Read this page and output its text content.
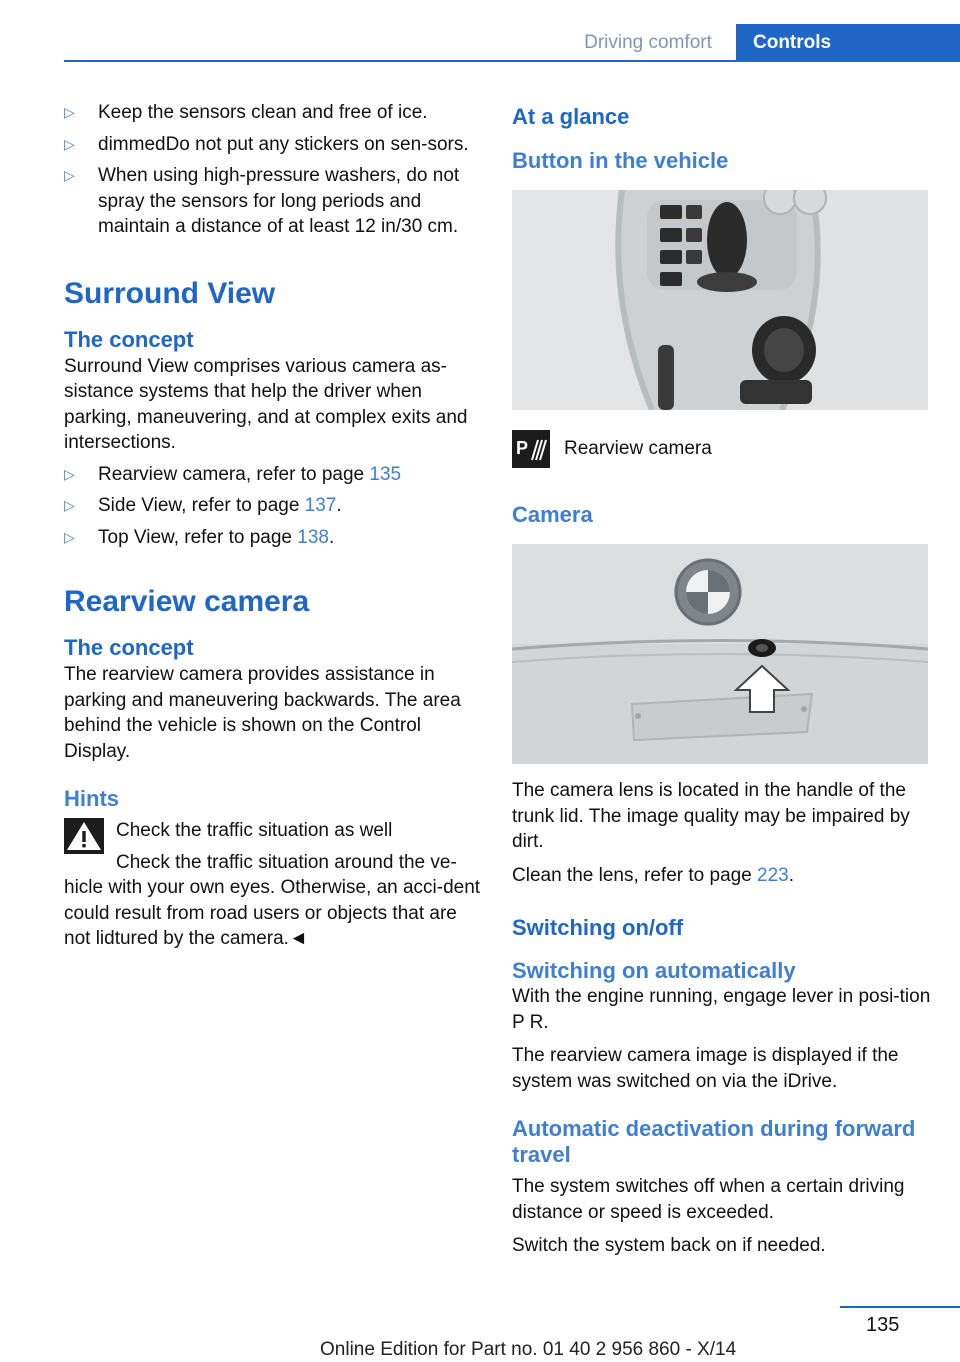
Driving comfort	Controls
▷ Keep the sensors clean and free of ice.
▷ dimmedDo not put any stickers on sen‐sors.
▷ When using high-pressure washers, do not spray the sensors for long periods and maintain a distance of at least 12 in/30 cm.
Surround View
The concept

Surround View comprises various camera as‐sistance systems that help the driver when parking, maneuvering, and at complex exits and intersections.

▷ Rearview camera, refer to page 135
▷ Side View, refer to page 137.
▷ Top View, refer to page 138.
Rearview camera
The concept

The rearview camera provides assistance in parking and maneuvering backwards. The area behind the vehicle is shown on the Control Display.

Hints

Check the traffic situation as well

Check the traffic situation around the ve‐hicle with your own eyes. Otherwise, an acci‐dent could result from road users or objects that are not lidtured by the camera.◄

At a glance
Button in the vehicle
P Rearview camera
Camera

The camera lens is located in the handle of the trunk lid. The image quality may be impaired by dirt.

Clean the lens, refer to page 223.

Switching on/off
Switching on automatically

With the engine running, engage lever in posi‐tion P R.

The rearview camera image is displayed if the system was switched on via the iDrive.

Automatic deactivation during forward travel

The system switches off when a certain driving distance or speed is exceeded.

Switch the system back on if needed.

135
Online Edition for Part no. 01 40 2 956 860 - X/14
